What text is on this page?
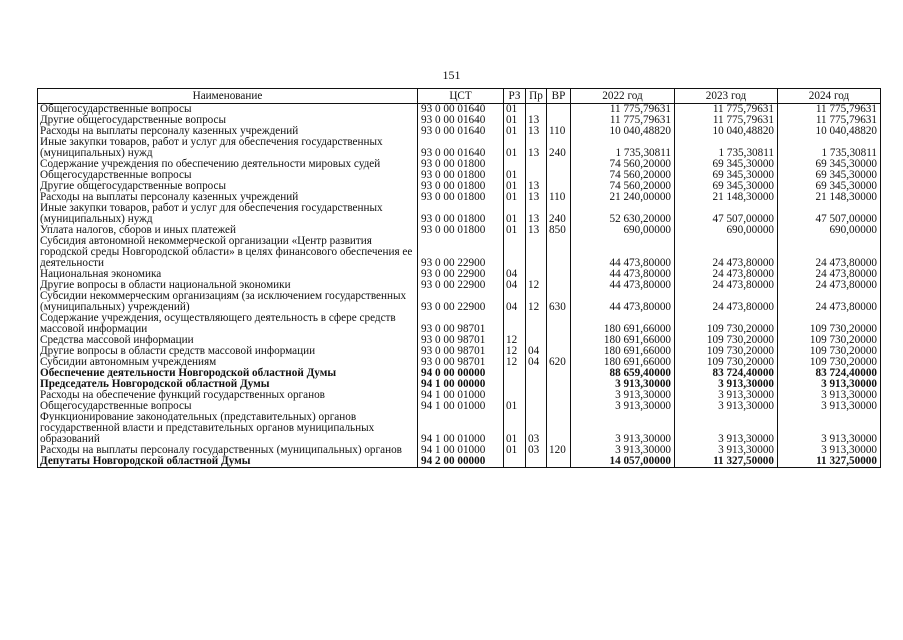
151
Наименование	ЦСТ	РЗ	Пр	ВР	2022 год	2023 год	2024 год
Общегосударственные вопросы	93 0 00 01640	01			11 775,79631	11 775,79631	11 775,79631
Другие общегосударственные вопросы	93 0 00 01640	01	13		11 775,79631	11 775,79631	11 775,79631
Расходы на выплаты персоналу казенных учреждений	93 0 00 01640	01	13	110	10 040,48820	10 040,48820	10 040,48820
Иные закупки товаров, работ и услуг для обеспечения государственных (муниципальных) нужд	93 0 00 01640	01	13	240	1 735,30811	1 735,30811	1 735,30811
Содержание учреждения по обеспечению деятельности мировых судей	93 0 00 01800				74 560,20000	69 345,30000	69 345,30000
Общегосударственные вопросы	93 0 00 01800	01			74 560,20000	69 345,30000	69 345,30000
Другие общегосударственные вопросы	93 0 00 01800	01	13		74 560,20000	69 345,30000	69 345,30000
Расходы на выплаты персоналу казенных учреждений	93 0 00 01800	01	13	110	21 240,00000	21 148,30000	21 148,30000
Иные закупки товаров, работ и услуг для обеспечения государственных (муниципальных) нужд	93 0 00 01800	01	13	240	52 630,20000	47 507,00000	47 507,00000
Уплата налогов, сборов и иных платежей	93 0 00 01800	01	13	850	690,00000	690,00000	690,00000
Субсидия автономной некоммерческой организации «Центр развития городской среды Новгородской области» в целях финансового обеспечения ее деятельности	93 0 00 22900				44 473,80000	24 473,80000	24 473,80000
Национальная экономика	93 0 00 22900	04			44 473,80000	24 473,80000	24 473,80000
Другие вопросы в области национальной экономики	93 0 00 22900	04	12		44 473,80000	24 473,80000	24 473,80000
Субсидии некоммерческим организациям (за исключением государственных (муниципальных) учреждений)	93 0 00 22900	04	12	630	44 473,80000	24 473,80000	24 473,80000
Содержание учреждения, осуществляющего деятельность в сфере средств массовой информации	93 0 00 98701				180 691,66000	109 730,20000	109 730,20000
Средства массовой информации	93 0 00 98701	12			180 691,66000	109 730,20000	109 730,20000
Другие вопросы в области средств массовой информации	93 0 00 98701	12	04		180 691,66000	109 730,20000	109 730,20000
Субсидии автономным учреждениям	93 0 00 98701	12	04	620	180 691,66000	109 730,20000	109 730,20000
Обеспечение деятельности Новгородской областной Думы	94 0 00 00000				88 659,40000	83 724,40000	83 724,40000
Председатель Новгородской областной Думы	94 1 00 00000				3 913,30000	3 913,30000	3 913,30000
Расходы на обеспечение функций государственных органов	94 1 00 01000				3 913,30000	3 913,30000	3 913,30000
Общегосударственные вопросы	94 1 00 01000	01			3 913,30000	3 913,30000	3 913,30000
Функционирование законодательных (представительных) органов государственной власти и представительных органов муниципальных образований	94 1 00 01000	01	03		3 913,30000	3 913,30000	3 913,30000
Расходы на выплаты персоналу государственных (муниципальных) органов	94 1 00 01000	01	03	120	3 913,30000	3 913,30000	3 913,30000
Депутаты Новгородской областной Думы	94 2 00 00000				14 057,00000	11 327,50000	11 327,50000
